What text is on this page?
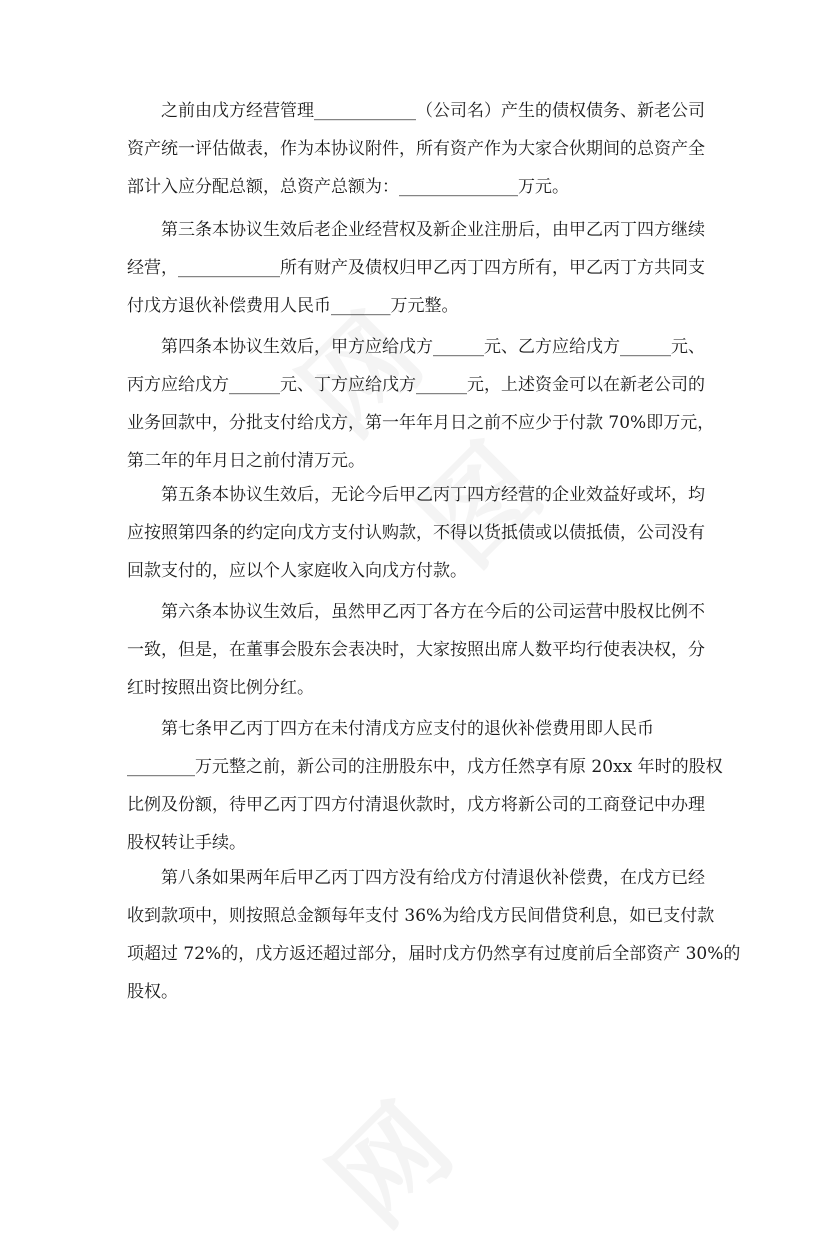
之前由戊方经营管理____________（公司名）产生的债权债务、新老公司 资产统一评估做表，作为本协议附件，所有资产作为大家合伙期间的总资产全 部计入应分配总额，总资产总额为：______________万元。

第三条本协议生效后老企业经营权及新企业注册后，由甲乙丙丁四方继续 经营，____________所有财产及债权归甲乙丙丁四方所有，甲乙丙丁方共同支 付戊方退伙补偿费用人民币_______万元整。

第四条本协议生效后，甲方应给戊方______元、乙方应给戊方______元、 丙方应给戊方______元、丁方应给戊方______元，上述资金可以在新老公司的 业务回款中，分批支付给戊方，第一年年月日之前不应少于付款 70%即万元， 第二年的年月日之前付清万元。

第五条本协议生效后，无论今后甲乙丙丁四方经营的企业效益好或坏，均 应按照第四条的约定向戊方支付认购款，不得以货抵债或以债抵债，公司没有 回款支付的，应以个人家庭收入向戊方付款。

第六条本协议生效后，虽然甲乙丙丁各方在今后的公司运营中股权比例不 一致，但是，在董事会股东会表决时，大家按照出席人数平均行使表决权，分 红时按照出资比例分红。

第七条甲乙丙丁四方在未付清戊方应支付的退伙补偿费用即人民币 ________万元整之前，新公司的注册股东中，戊方任然享有原 20xx 年时的股权 比例及份额，待甲乙丙丁四方付清退伙款时，戊方将新公司的工商登记中办理 股权转让手续。

第八条如果两年后甲乙丙丁四方没有给戊方付清退伙补偿费，在戊方已经 收到款项中，则按照总金额每年支付 36%为给戊方民间借贷利息，如已支付款 项超过 72%的，戊方返还超过部分，届时戊方仍然享有过度前后全部资产 30%的 股权。
